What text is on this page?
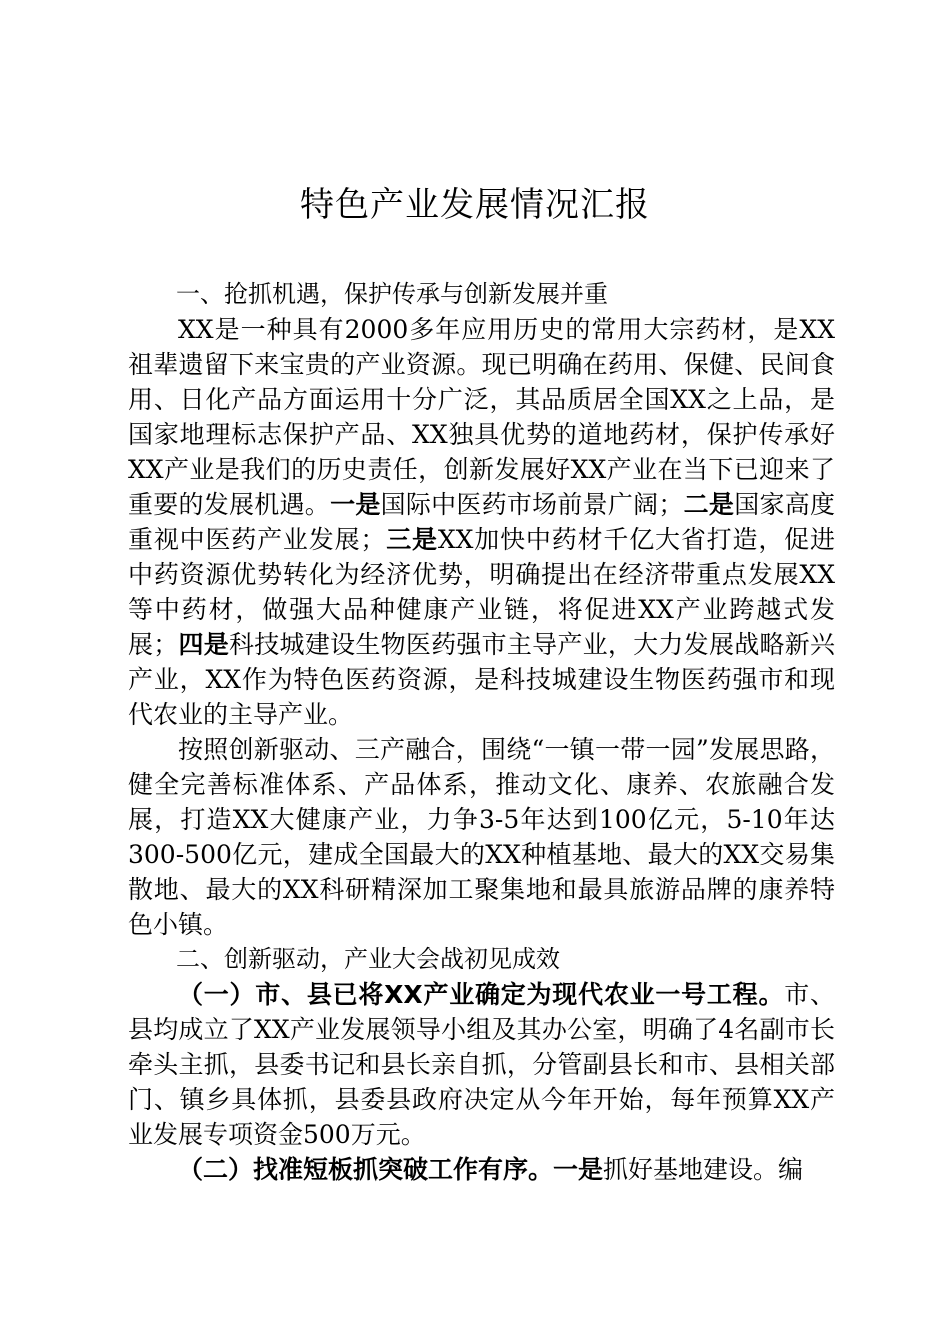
特色产业发展情况汇报

一、抢抓机遇，保护传承与创新发展并重

XX是一种具有2000多年应用历史的常用大宗药材，是XX祖辈遗留下来宝贵的产业资源。现已明确在药用、保健、民间食用、日化产品方面运用十分广泛，其品质居全国XX之上品，是国家地理标志保护产品、XX独具优势的道地药材，保护传承好XX产业是我们的历史责任，创新发展好XX产业在当下已迎来了重要的发展机遇。一是国际中医药市场前景广阔；二是国家高度重视中医药产业发展；三是XX加快中药材千亿大省打造，促进中药资源优势转化为经济优势，明确提出在经济带重点发展XX等中药材，做强大品种健康产业链，将促进XX产业跨越式发展；四是科技城建设生物医药强市主导产业，大力发展战略新兴产业，XX作为特色医药资源，是科技城建设生物医药强市和现代农业的主导产业。

按照创新驱动、三产融合，围绕“一镇一带一园”发展思路，健全完善标准体系、产品体系，推动文化、康养、农旅融合发展，打造XX大健康产业，力争3-5年达到100亿元，5-10年达300-500亿元，建成全国最大的XX种植基地、最大的XX交易集散地、最大的XX科研精深加工聚集地和最具旅游品牌的康养特色小镇。

二、创新驱动，产业大会战初见成效

（一）市、县已将XX产业确定为现代农业一号工程。市、县均成立了XX产业发展领导小组及其办公室，明确了4名副市长牵头主抓，县委书记和县长亲自抓，分管副县长和市、县相关部门、镇乡具体抓，县委县政府决定从今年开始，每年预算XX产业发展专项资金500万元。

（二）找准短板抓突破工作有序。一是抓好基地建设。编
